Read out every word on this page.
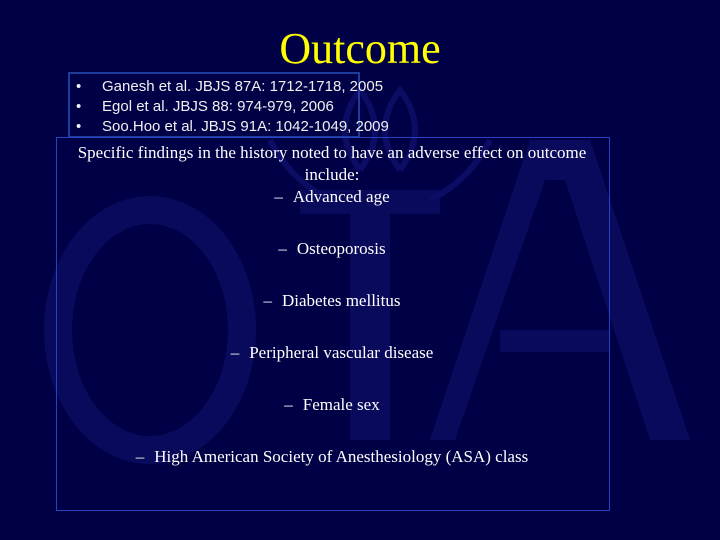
Outcome
• Ganesh et al. JBJS 87A: 1712-1718, 2005
• Egol et al. JBJS 88: 974-979, 2006
• Soo.Hoo et al. JBJS 91A: 1042-1049, 2009
Specific findings in the history noted to have an adverse effect on outcome include:
– Advanced age
– Osteoporosis
– Diabetes mellitus
– Peripheral vascular disease
– Female sex
– High American Society of Anesthesiology (ASA) class
